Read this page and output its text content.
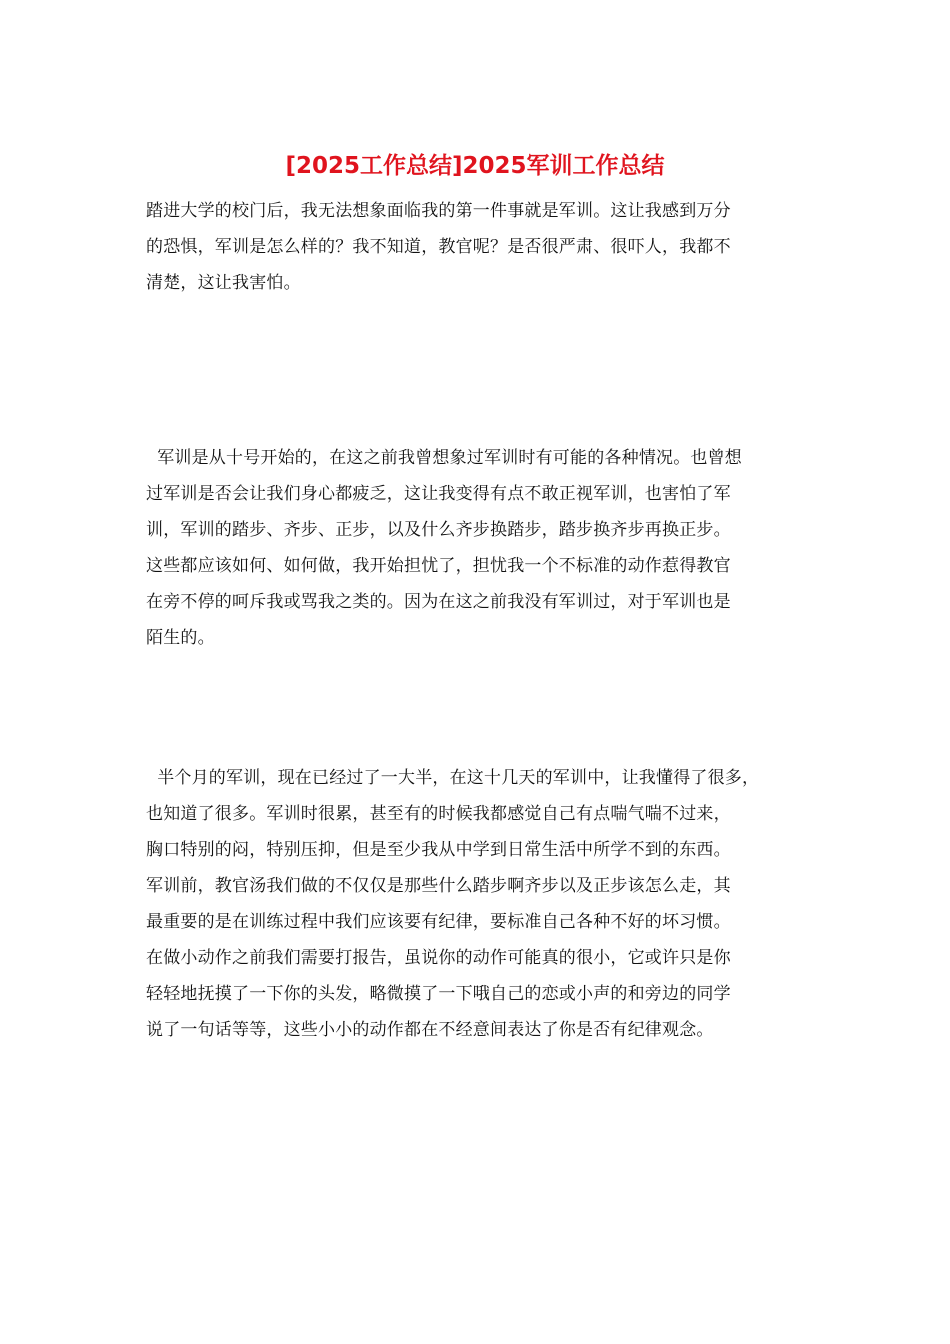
[2025工作总结]2025军训工作总结
踏进大学的校门后，我无法想象面临我的第一件事就是军训。这让我感到万分
的恐惧，军训是怎么样的？我不知道，教官呢？是否很严肃、很吓人，我都不
清楚，这让我害怕。
军训是从十号开始的，在这之前我曾想象过军训时有可能的各种情况。也曾想
过军训是否会让我们身心都疲乏，这让我变得有点不敢正视军训，也害怕了军
训，军训的踏步、齐步、正步，以及什么齐步换踏步，踏步换齐步再换正步。
这些都应该如何、如何做，我开始担忧了，担忧我一个不标准的动作惹得教官
在旁不停的呵斥我或骂我之类的。因为在这之前我没有军训过，对于军训也是
陌生的。
半个月的军训，现在已经过了一大半，在这十几天的军训中，让我懂得了很多，
也知道了很多。军训时很累，甚至有的时候我都感觉自己有点喘气喘不过来，
胸口特别的闷，特别压抑，但是至少我从中学到日常生活中所学不到的东西。
军训前，教官汤我们做的不仅仅是那些什么踏步啊齐步以及正步该怎么走，其
最重要的是在训练过程中我们应该要有纪律，要标准自己各种不好的坏习惯。
在做小动作之前我们需要打报告，虽说你的动作可能真的很小，它或许只是你
轻轻地抚摸了一下你的头发，略微摸了一下哦自己的恋或小声的和旁边的同学
说了一句话等等，这些小小的动作都在不经意间表达了你是否有纪律观念。
